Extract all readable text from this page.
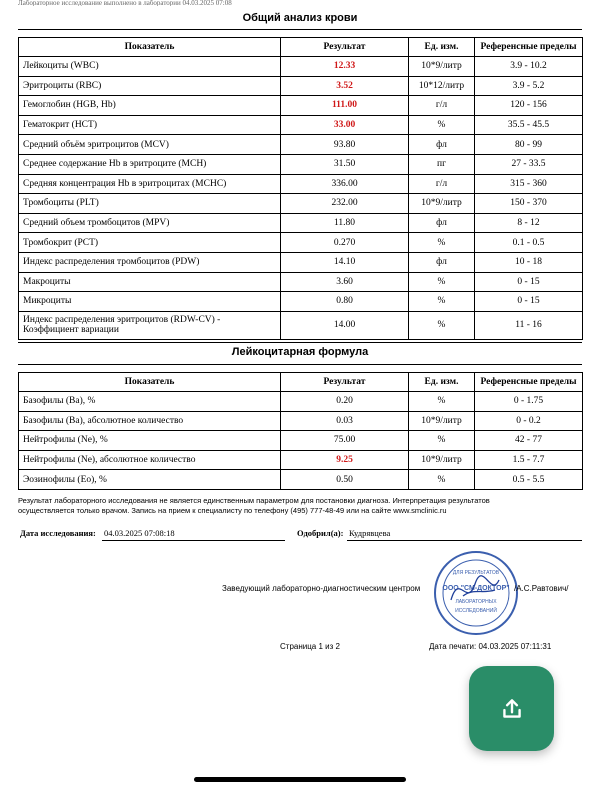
Лабораторное исследование выполнено в лаборатории 04.03.2025 07:08
Общий анализ крови
Показатель	Результат	Ед. изм.	Референсные пределы
Лейкоциты (WBC)	12.33	10*9/литр	3.9 - 10.2
Эритроциты (RBC)	3.52	10*12/литр	3.9 - 5.2
Гемоглобин (HGB, Hb)	111.00	г/л	120 - 156
Гематокрит (HCT)	33.00	%	35.5 - 45.5
Средний объём эритроцитов (MCV)	93.80	фл	80 - 99
Среднее содержание Hb в эритроците (MCH)	31.50	пг	27 - 33.5
Средняя концентрация Hb в эритроцитах (MCHC)	336.00	г/л	315 - 360
Тромбоциты (PLT)	232.00	10*9/литр	150 - 370
Средний объем тромбоцитов (MPV)	11.80	фл	8 - 12
Тромбокрит (PCT)	0.270	%	0.1 - 0.5
Индекс распределения тромбоцитов (PDW)	14.10	фл	10 - 18
Макроциты	3.60	%	0 - 15
Микроциты	0.80	%	0 - 15
Индекс распределения эритроцитов (RDW-CV) - Коэффициент вариации	14.00	%	11 - 16
Лейкоцитарная формула
Показатель	Результат	Ед. изм.	Референсные пределы
Базофилы (Ba), %	0.20	%	0 - 1.75
Базофилы (Ba), абсолютное количество	0.03	10*9/литр	0 - 0.2
Нейтрофилы (Ne), %	75.00	%	42 - 77
Нейтрофилы (Ne), абсолютное количество	9.25	10*9/литр	1.5 - 7.7
Эозинофилы (Eo), %	0.50	%	0.5 - 5.5
Результат лабораторного исследования не является единственным параметром для постановки диагноза. Интерпретация результатов
осуществляется только врачом. Запись на прием к специалисту по телефону (495) 777-48-49 или на сайте www.smclinic.ru
Дата исследования: 04.03.2025 07:08:18	Одобрил(а): Кудрявцева
ДЛЯ РЕЗУЛЬТАТОВ
ООО "СМ-ДОКТОР"
ЛАБОРАТОРНЫХ
ИССЛЕДОВАНИЙ
Заведующий лабораторно-диагностическим центром	/А.С.Равтович/
Страница 1 из 2	Дата печати: 04.03.2025 07:11:31
